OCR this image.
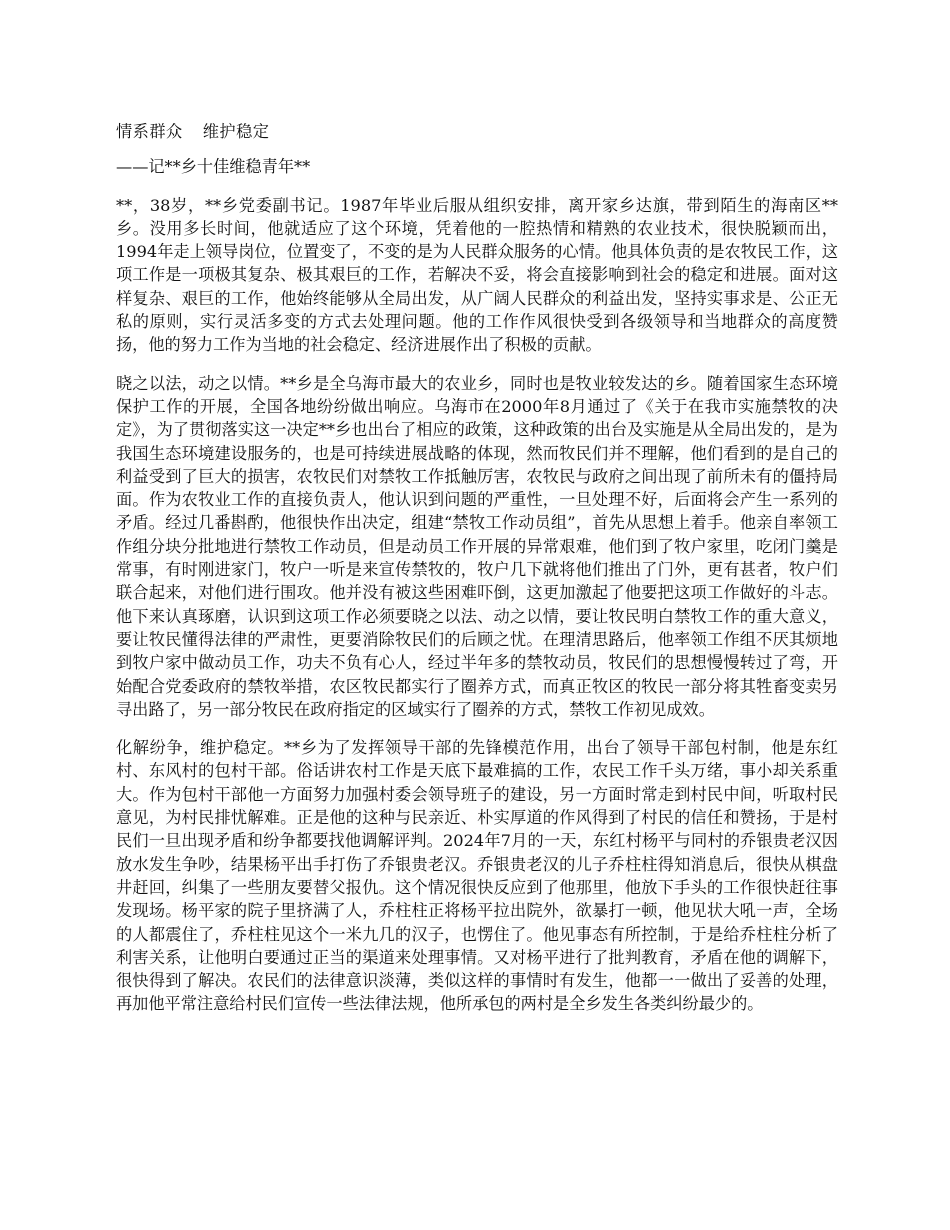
情系群众 维护稳定
——记**乡十佳维稳青年**

**，38岁，**乡党委副书记。1987年毕业后服从组织安排，离开家乡达旗，带到陌生的海南区**乡。没用多长时间，他就适应了这个环境，凭着他的一腔热情和精熟的农业技术，很快脱颖而出，1994年走上领导岗位，位置变了，不变的是为人民群众服务的心情。他具体负责的是农牧民工作，这项工作是一项极其复杂、极其艰巨的工作，若解决不妥，将会直接影响到社会的稳定和进展。面对这样复杂、艰巨的工作，他始终能够从全局出发，从广阔人民群众的利益出发，坚持实事求是、公正无私的原则，实行灵活多变的方式去处理问题。他的工作作风很快受到各级领导和当地群众的高度赞扬，他的努力工作为当地的社会稳定、经济进展作出了积极的贡献。

晓之以法，动之以情。**乡是全乌海市最大的农业乡，同时也是牧业较发达的乡。随着国家生态环境保护工作的开展，全国各地纷纷做出响应。乌海市在2000年8月通过了《关于在我市实施禁牧的决定》，为了贯彻落实这一决定**乡也出台了相应的政策，这种政策的出台及实施是从全局出发的，是为我国生态环境建设服务的，也是可持续进展战略的体现，然而牧民们并不理解，他们看到的是自己的利益受到了巨大的损害，农牧民们对禁牧工作抵触厉害，农牧民与政府之间出现了前所未有的僵持局面。作为农牧业工作的直接负责人，他认识到问题的严重性，一旦处理不好，后面将会产生一系列的矛盾。经过几番斟酌，他很快作出决定，组建“禁牧工作动员组”，首先从思想上着手。他亲自率领工作组分块分批地进行禁牧工作动员，但是动员工作开展的异常艰难，他们到了牧户家里，吃闭门羹是常事，有时刚进家门，牧户一听是来宣传禁牧的，牧户几下就将他们推出了门外，更有甚者，牧户们联合起来，对他们进行围攻。他并没有被这些困难吓倒，这更加激起了他要把这项工作做好的斗志。他下来认真琢磨，认识到这项工作必须要晓之以法、动之以情，要让牧民明白禁牧工作的重大意义，要让牧民懂得法律的严肃性，更要消除牧民们的后顾之忧。在理清思路后，他率领工作组不厌其烦地到牧户家中做动员工作，功夫不负有心人，经过半年多的禁牧动员，牧民们的思想慢慢转过了弯，开始配合党委政府的禁牧举措，农区牧民都实行了圈养方式，而真正牧区的牧民一部分将其牲畜变卖另寻出路了，另一部分牧民在政府指定的区域实行了圈养的方式，禁牧工作初见成效。

化解纷争，维护稳定。**乡为了发挥领导干部的先锋模范作用，出台了领导干部包村制，他是东红村、东风村的包村干部。俗话讲农村工作是天底下最难搞的工作，农民工作千头万绪，事小却关系重大。作为包村干部他一方面努力加强村委会领导班子的建设，另一方面时常走到村民中间，听取村民意见，为村民排忧解难。正是他的这种与民亲近、朴实厚道的作风得到了村民的信任和赞扬，于是村民们一旦出现矛盾和纷争都要找他调解评判。2024年7月的一天，东红村杨平与同村的乔银贵老汉因放水发生争吵，结果杨平出手打伤了乔银贵老汉。乔银贵老汉的儿子乔柱柱得知消息后，很快从棋盘井赶回，纠集了一些朋友要替父报仇。这个情况很快反应到了他那里，他放下手头的工作很快赶往事发现场。杨平家的院子里挤满了人，乔柱柱正将杨平拉出院外，欲暴打一顿，他见状大吼一声，全场的人都震住了，乔柱柱见这个一米九几的汉子，也愣住了。他见事态有所控制，于是给乔柱柱分析了利害关系，让他明白要通过正当的渠道来处理事情。又对杨平进行了批判教育，矛盾在他的调解下，很快得到了解决。农民们的法律意识淡薄，类似这样的事情时有发生，他都一一做出了妥善的处理，再加他平常注意给村民们宣传一些法律法规，他所承包的两村是全乡发生各类纠纷最少的。
